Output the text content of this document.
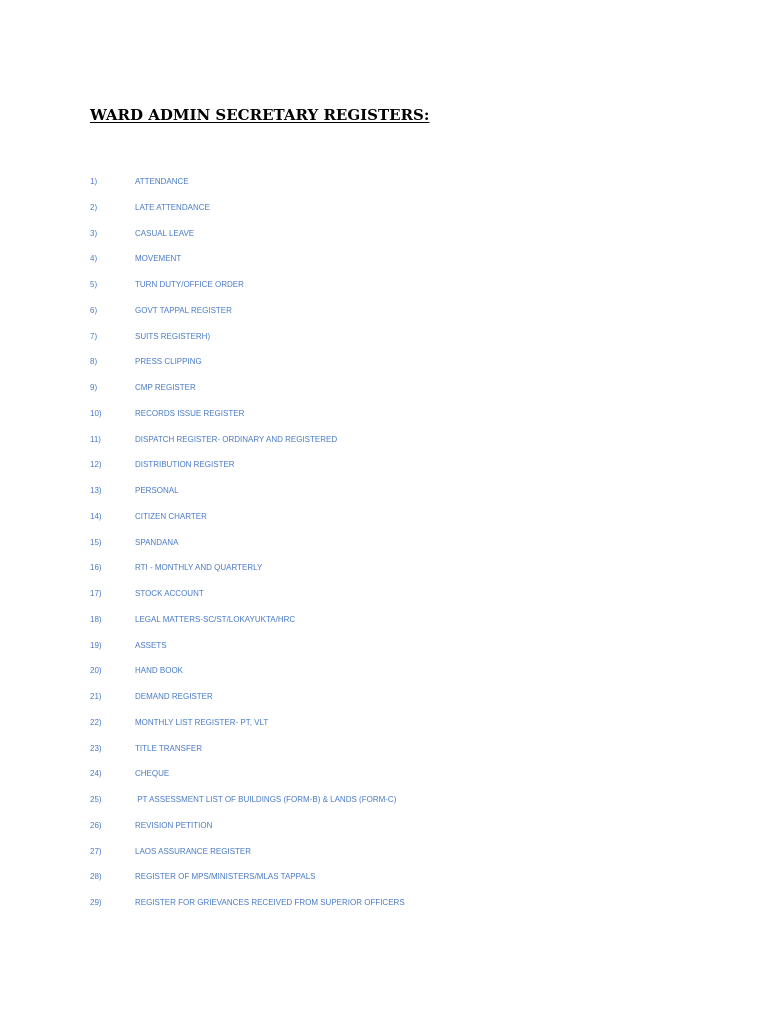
WARD ADMIN SECRETARY REGISTERS:
1)	ATTENDANCE
2)	LATE ATTENDANCE
3)	CASUAL LEAVE
4)	MOVEMENT
5)	TURN DUTY/OFFICE ORDER
6)	GOVT TAPPAL REGISTER
7)	SUITS REGISTERH)
8)	PRESS CLIPPING
9)	CMP REGISTER
10)	RECORDS ISSUE REGISTER
11)	DISPATCH REGISTER- ORDINARY AND REGISTERED
12)	DISTRIBUTION REGISTER
13)	PERSONAL
14)	CITIZEN CHARTER
15)	SPANDANA
16)	RTI - MONTHLY AND QUARTERLY
17)	STOCK ACCOUNT
18)	LEGAL MATTERS-SC/ST/LOKAYUKTA/HRC
19)	ASSETS
20)	HAND BOOK
21)	DEMAND REGISTER
22)	MONTHLY LIST REGISTER- PT, VLT
23)	TITLE TRANSFER
24)	CHEQUE
25)	PT ASSESSMENT LIST OF BUILDINGS (FORM-B) & LANDS (FORM-C)
26)	REVISION PETITION
27)	LAOS ASSURANCE REGISTER
28)	REGISTER OF MPS/MINISTERS/MLAS TAPPALS
29)	REGISTER FOR GRIEVANCES RECEIVED FROM SUPERIOR OFFICERS
